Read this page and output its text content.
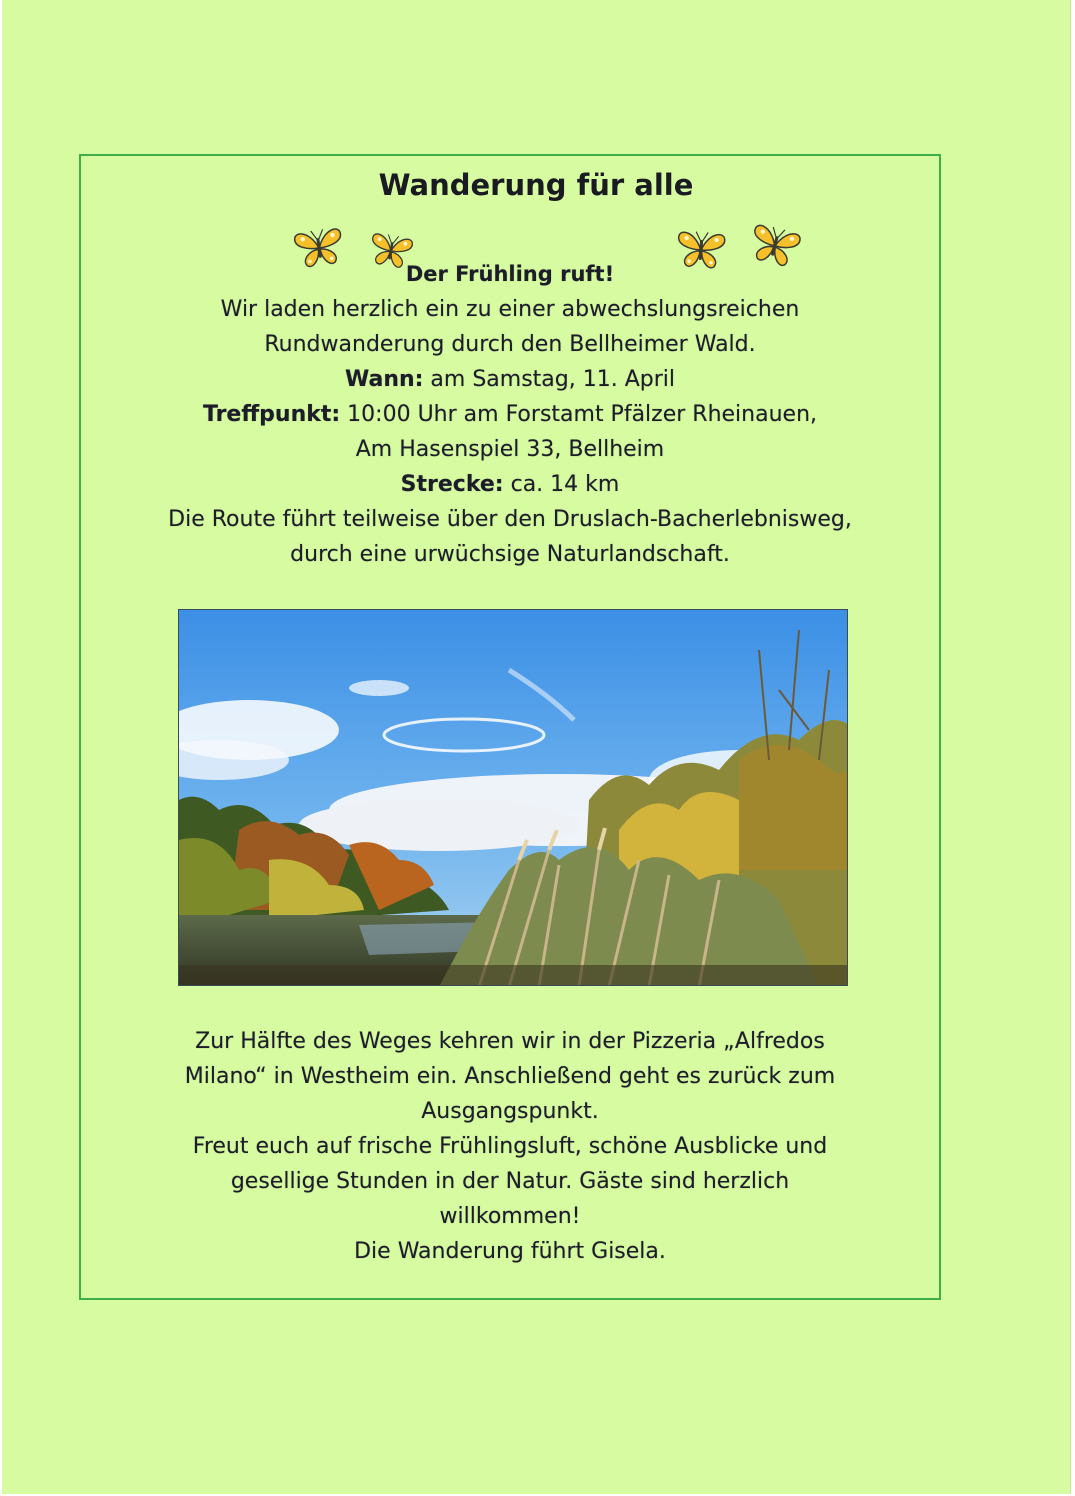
Wanderung für alle
Der Frühling ruft!
Wir laden herzlich ein zu einer abwechslungsreichen
Rundwanderung durch den Bellheimer Wald.
Wann: am Samstag, 11. April
Treffpunkt: 10:00 Uhr am Forstamt Pfälzer Rheinauen,
Am Hasenspiel 33, Bellheim
Strecke: ca. 14 km
Die Route führt teilweise über den Druslach-Bacherlebnisweg,
durch eine urwüchsige Naturlandschaft.
Zur Hälfte des Weges kehren wir in der Pizzeria „Alfredos
Milano“ in Westheim ein. Anschließend geht es zurück zum
Ausgangspunkt.
Freut euch auf frische Frühlingsluft, schöne Ausblicke und
gesellige Stunden in der Natur. Gäste sind herzlich
willkommen!
Die Wanderung führt Gisela.
